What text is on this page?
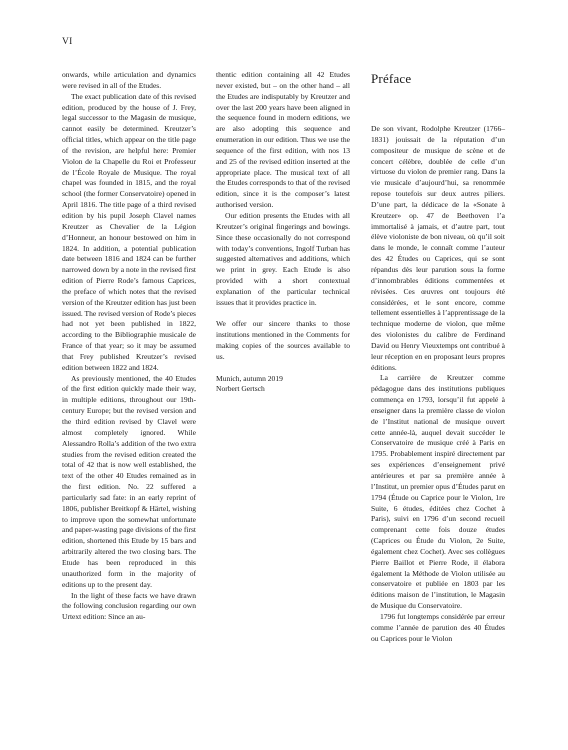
VI

onwards, while articulation and dynamics were revised in all of the Etudes.

The exact publication date of this revised edition, produced by the house of J. Frey, legal successor to the Magasin de musique, cannot easily be determined. Kreutzer’s official titles, which appear on the title page of the revision, are helpful here: Premier Violon de la Chapelle du Roi et Professeur de l’École Royale de Musique. The royal chapel was founded in 1815, and the royal school (the former Conservatoire) opened in April 1816. The title page of a third revised edition by his pupil Joseph Clavel names Kreutzer as Chevalier de la Légion d’Honneur, an honour bestowed on him in 1824. In addition, a potential publication date between 1816 and 1824 can be further narrowed down by a note in the revised first edition of Pierre Rode’s famous Caprices, the preface of which notes that the revised version of the Kreutzer edition has just been issued. The revised version of Rode’s pieces had not yet been published in 1822, according to the Bibliographie musicale de France of that year; so it may be assumed that Frey published Kreutzer’s revised edition between 1822 and 1824.

As previously mentioned, the 40 Etudes of the first edition quickly made their way, in multiple editions, throughout our 19th-century Europe; but the revised version and the third edition revised by Clavel were almost completely ignored. While Alessandro Rolla’s addition of the two extra studies from the revised edition created the total of 42 that is now well established, the text of the other 40 Etudes remained as in the first edition. No. 22 suffered a particularly sad fate: in an early reprint of 1806, publisher Breitkopf & Härtel, wishing to improve upon the somewhat unfortunate and paper-wasting page divisions of the first edition, shortened this Etude by 15 bars and arbitrarily altered the two closing bars. The Etude has been reproduced in this unauthorized form in the majority of editions up to the present day.

In the light of these facts we have drawn the following conclusion regarding our own Urtext edition: Since an au-

thentic edition containing all 42 Etudes never existed, but – on the other hand – all the Etudes are indisputably by Kreutzer and over the last 200 years have been aligned in the sequence found in modern editions, we are also adopting this sequence and enumeration in our edition. Thus we use the sequence of the first edition, with nos 13 and 25 of the revised edition inserted at the appropriate place. The musical text of all the Etudes corresponds to that of the revised edition, since it is the composer’s latest authorised version.

Our edition presents the Etudes with all Kreutzer’s original fingerings and bowings. Since these occasionally do not correspond with today’s conventions, Ingolf Turban has suggested alternatives and additions, which we print in grey. Each Etude is also provided with a short contextual explanation of the particular technical issues that it provides practice in.

We offer our sincere thanks to those institutions mentioned in the Comments for making copies of the sources available to us.

Munich, autumn 2019
Norbert Gertsch

Préface

De son vivant, Rodolphe Kreutzer (1766–1831) jouissait de la réputation d’un compositeur de musique de scène et de concert célèbre, doublée de celle d’un virtuose du violon de premier rang. Dans la vie musicale d’aujourd’hui, sa renommée repose toutefois sur deux autres piliers. D’une part, la dédicace de la «Sonate à Kreutzer» op. 47 de Beethoven l’a immortalisé à jamais, et d’autre part, tout élève violoniste de bon niveau, où qu’il soit dans le monde, le connaît comme l’auteur des 42 Études ou Caprices, qui se sont répandus dès leur parution sous la forme d’innombrables éditions commentées et révisées. Ces œuvres ont toujours été considérées, et le sont encore, comme tellement essentielles à l’apprentissage de la technique moderne de violon, que même des violonistes du calibre de Ferdinand David ou Henry Vieuxtemps ont contribué à leur réception en en proposant leurs propres éditions.

La carrière de Kreutzer comme pédagogue dans des institutions publiques commença en 1793, lorsqu’il fut appelé à enseigner dans la première classe de violon de l’Institut national de musique ouvert cette année-là, auquel devait succéder le Conservatoire de musique créé à Paris en 1795. Probablement inspiré directement par ses expériences d’enseignement privé antérieures et par sa première année à l’Institut, un premier opus d’Études parut en 1794 (Étude ou Caprice pour le Violon, 1re Suite, 6 études, éditées chez Cochet à Paris), suivi en 1796 d’un second recueil comprenant cette fois douze études (Caprices ou Étude du Violon, 2e Suite, également chez Cochet). Avec ses collègues Pierre Baillot et Pierre Rode, il élabora également la Méthode de Violon utilisée au conservatoire et publiée en 1803 par les éditions maison de l’institution, le Magasin de Musique du Conservatoire.

1796 fut longtemps considérée par erreur comme l’année de parution des 40 Études ou Caprices pour le Violon
